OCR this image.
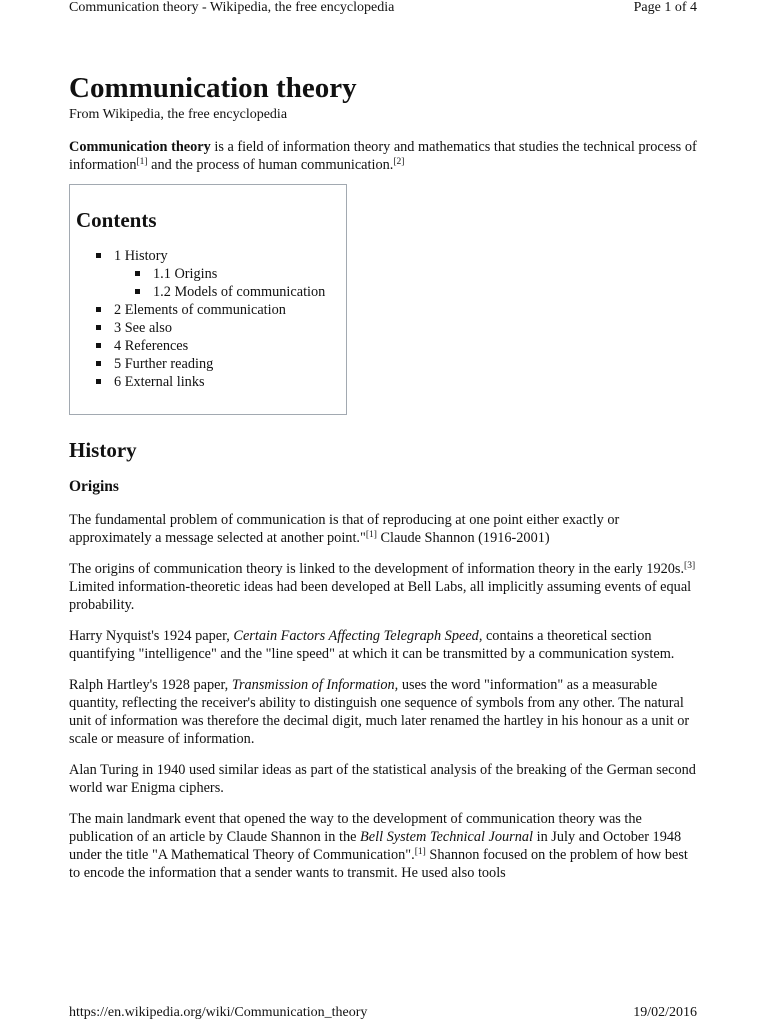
Communication theory - Wikipedia, the free encyclopedia	Page 1 of 4
Communication theory

From Wikipedia, the free encyclopedia

Communication theory is a field of information theory and mathematics that studies the technical process of information[1] and the process of human communication.[2]

Contents
1 History
1.1 Origins
1.2 Models of communication
2 Elements of communication
3 See also
4 References
5 Further reading
6 External links
History
Origins

The fundamental problem of communication is that of reproducing at one point either exactly or approximately a message selected at another point."[1] Claude Shannon (1916-2001)

The origins of communication theory is linked to the development of information theory in the early 1920s.[3] Limited information-theoretic ideas had been developed at Bell Labs, all implicitly assuming events of equal probability.

Harry Nyquist's 1924 paper, Certain Factors Affecting Telegraph Speed, contains a theoretical section quantifying "intelligence" and the "line speed" at which it can be transmitted by a communication system.

Ralph Hartley's 1928 paper, Transmission of Information, uses the word "information" as a measurable quantity, reflecting the receiver's ability to distinguish one sequence of symbols from any other. The natural unit of information was therefore the decimal digit, much later renamed the hartley in his honour as a unit or scale or measure of information.

Alan Turing in 1940 used similar ideas as part of the statistical analysis of the breaking of the German second world war Enigma ciphers.

The main landmark event that opened the way to the development of communication theory was the publication of an article by Claude Shannon in the Bell System Technical Journal in July and October 1948 under the title "A Mathematical Theory of Communication".[1] Shannon focused on the problem of how best to encode the information that a sender wants to transmit. He used also tools

https://en.wikipedia.org/wiki/Communication_theory	19/02/2016
